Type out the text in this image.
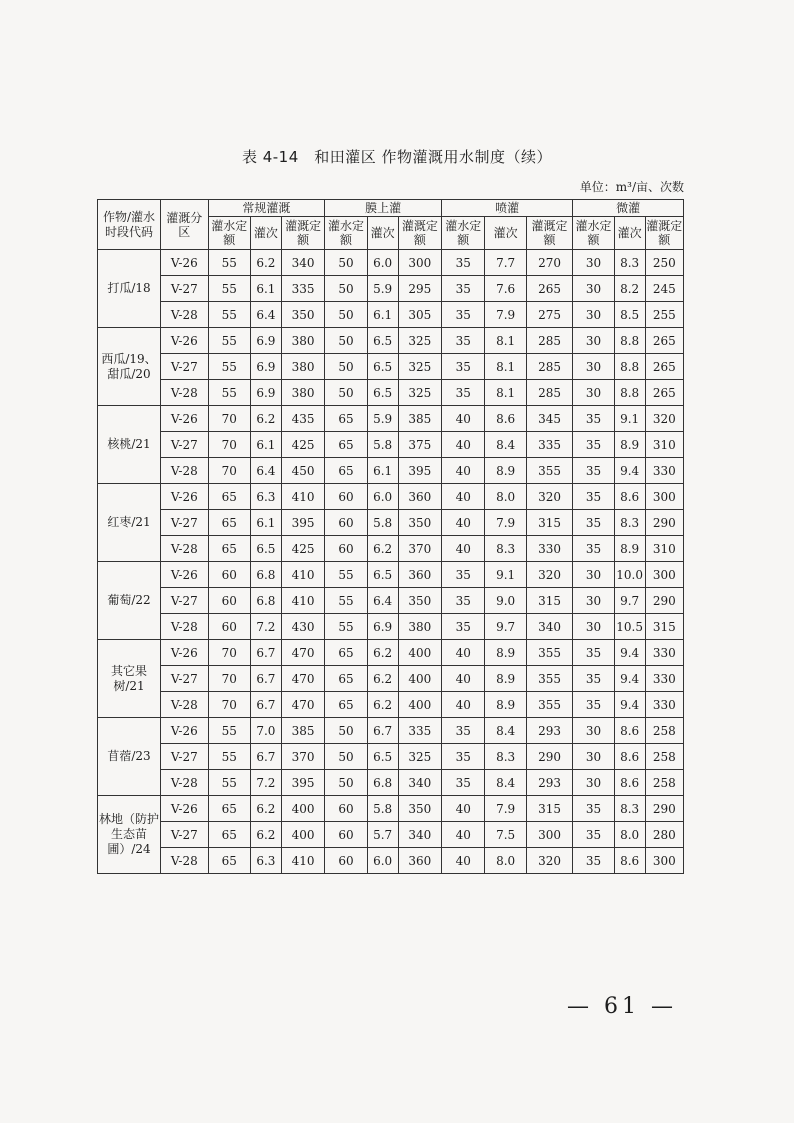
表 4-14　和田灌区 作物灌溉用水制度（续）
单位：m³/亩、次数
作物/灌水时段代码	灌溉分区	常规灌溉			膜上灌			喷灌			微灌		
		灌水定额	灌次	灌溉定额	灌水定额	灌次	灌溉定额	灌水定额	灌次	灌溉定额	灌水定额	灌次	灌溉定额
打瓜/18	V-26	55	6.2	340	50	6.0	300	35	7.7	270	30	8.3	250
	V-27	55	6.1	335	50	5.9	295	35	7.6	265	30	8.2	245
	V-28	55	6.4	350	50	6.1	305	35	7.9	275	30	8.5	255
西瓜/19、甜瓜/20	V-26	55	6.9	380	50	6.5	325	35	8.1	285	30	8.8	265
	V-27	55	6.9	380	50	6.5	325	35	8.1	285	30	8.8	265
	V-28	55	6.9	380	50	6.5	325	35	8.1	285	30	8.8	265
核桃/21	V-26	70	6.2	435	65	5.9	385	40	8.6	345	35	9.1	320
	V-27	70	6.1	425	65	5.8	375	40	8.4	335	35	8.9	310
	V-28	70	6.4	450	65	6.1	395	40	8.9	355	35	9.4	330
红枣/21	V-26	65	6.3	410	60	6.0	360	40	8.0	320	35	8.6	300
	V-27	65	6.1	395	60	5.8	350	40	7.9	315	35	8.3	290
	V-28	65	6.5	425	60	6.2	370	40	8.3	330	35	8.9	310
葡萄/22	V-26	60	6.8	410	55	6.5	360	35	9.1	320	30	10.0	300
	V-27	60	6.8	410	55	6.4	350	35	9.0	315	30	9.7	290
	V-28	60	7.2	430	55	6.9	380	35	9.7	340	30	10.5	315
其它果树/21	V-26	70	6.7	470	65	6.2	400	40	8.9	355	35	9.4	330
	V-27	70	6.7	470	65	6.2	400	40	8.9	355	35	9.4	330
	V-28	70	6.7	470	65	6.2	400	40	8.9	355	35	9.4	330
苜蓿/23	V-26	55	7.0	385	50	6.7	335	35	8.4	293	30	8.6	258
	V-27	55	6.7	370	50	6.5	325	35	8.3	290	30	8.6	258
	V-28	55	7.2	395	50	6.8	340	35	8.4	293	30	8.6	258
林地（防护生态苗圃）/24	V-26	65	6.2	400	60	5.8	350	40	7.9	315	35	8.3	290
	V-27	65	6.2	400	60	5.7	340	40	7.5	300	35	8.0	280
	V-28	65	6.3	410	60	6.0	360	40	8.0	320	35	8.6	300
— 61 —
